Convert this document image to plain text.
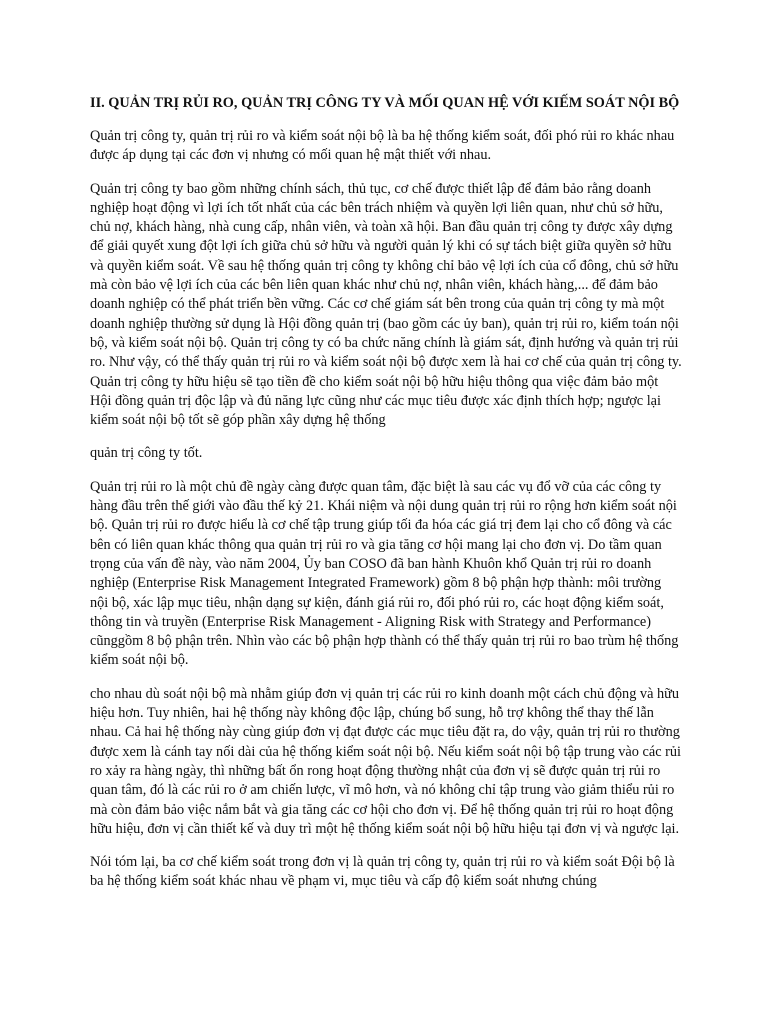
II. QUẢN TRỊ RỦI RO, QUẢN TRỊ CÔNG TY VÀ MỐI QUAN HỆ VỚI KIẾM SOÁT NỘI BỘ

Quản trị công ty, quản trị rủi ro và kiểm soát nội bộ là ba hệ thống kiểm soát, đối phó rủi ro khác nhau được áp dụng tại các đơn vị nhưng có mối quan hệ mật thiết với nhau.

Quản trị công ty bao gồm những chính sách, thủ tục, cơ chế được thiết lập để đảm bảo rằng doanh nghiệp hoạt động vì lợi ích tốt nhất của các bên trách nhiệm và quyền lợi liên quan, như chủ sở hữu, chủ nợ, khách hàng, nhà cung cấp, nhân viên, và toàn xã hội. Ban đầu quản trị công ty được xây dựng để giải quyết xung đột lợi ích giữa chủ sở hữu và người quản lý khi có sự tách biệt giữa quyền sở hữu và quyền kiểm soát. Về sau hệ thống quản trị công ty không chỉ bảo vệ lợi ích của cổ đông, chủ sở hữu mà còn bảo vệ lợi ích của các bên liên quan khác như chủ nợ, nhân viên, khách hàng,... để đảm bảo doanh nghiệp có thể phát triển bền vững. Các cơ chế giám sát bên trong của quản trị công ty mà một doanh nghiệp thường sử dụng là Hội đồng quản trị (bao gồm các ủy ban), quản trị rủi ro, kiểm toán nội bộ, và kiểm soát nội bộ. Quản trị công ty có ba chức năng chính là giám sát, định hướng và quản trị rủi ro. Như vậy, có thể thấy quản trị rủi ro và kiểm soát nội bộ được xem là hai cơ chế của quản trị công ty. Quản trị công ty hữu hiệu sẽ tạo tiền đề cho kiểm soát nội bộ hữu hiệu thông qua việc đảm bảo một Hội đồng quản trị độc lập và đủ năng lực cũng như các mục tiêu được xác định thích hợp; ngược lại kiểm soát nội bộ tốt sẽ góp phần xây dựng hệ thống

quản trị công ty tốt.

Quản trị rủi ro là một chủ đề ngày càng được quan tâm, đặc biệt là sau các vụ đổ vỡ của các công ty hàng đầu trên thế giới vào đầu thế kỷ 21. Khái niệm và nội dung quản trị rủi ro rộng hơn kiểm soát nội bộ. Quản trị rủi ro được hiểu là cơ chế tập trung giúp tối đa hóa các giá trị đem lại cho cổ đông và các bên có liên quan khác thông qua quản trị rủi ro và gia tăng cơ hội mang lại cho đơn vị. Do tầm quan trọng của vấn đề này, vào năm 2004, Ủy ban COSO đã ban hành Khuôn khổ Quản trị rủi ro doanh nghiệp (Enterprise Risk Management Integrated Framework) gồm 8 bộ phận hợp thành: môi trường nội bộ, xác lập mục tiêu, nhận dạng sự kiện, đánh giá rủi ro, đối phó rủi ro, các hoạt động kiểm soát, thông tin và truyền (Enterprise Risk Management - Aligning Risk with Strategy and Performance) cũnggồm 8 bộ phận trên. Nhìn vào các bộ phận hợp thành có thể thấy quản trị rủi ro bao trùm hệ thống kiểm soát nội bộ.

cho nhau dù soát nội bộ mà nhằm giúp đơn vị quản trị các rủi ro kinh doanh một cách chủ động và hữu hiệu hơn. Tuy nhiên, hai hệ thống này không độc lập, chúng bổ sung, hỗ trợ không thể thay thế lẫn nhau. Cả hai hệ thống này cùng giúp đơn vị đạt được các mục tiêu đặt ra, do vậy, quản trị rủi ro thường được xem là cánh tay nối dài của hệ thống kiểm soát nội bộ. Nếu kiểm soát nội bộ tập trung vào các rủi ro xảy ra hàng ngày, thì những bất ổn rong hoạt động thường nhật của đơn vị sẽ được quản trị rủi ro quan tâm, đó là các rủi ro ở am chiến lược, vĩ mô hơn, và nó không chỉ tập trung vào giảm thiểu rủi ro mà còn đảm bảo việc nắm bắt và gia tăng các cơ hội cho đơn vị. Để hệ thống quản trị rủi ro hoạt động hữu hiệu, đơn vị cần thiết kế và duy trì một hệ thống kiểm soát nội bộ hữu hiệu tại đơn vị và ngược lại.

Nói tóm lại, ba cơ chế kiểm soát trong đơn vị là quản trị công ty, quản trị rủi ro và kiểm soát Đội bộ là ba hệ thống kiểm soát khác nhau về phạm vi, mục tiêu và cấp độ kiểm soát nhưng chúng
